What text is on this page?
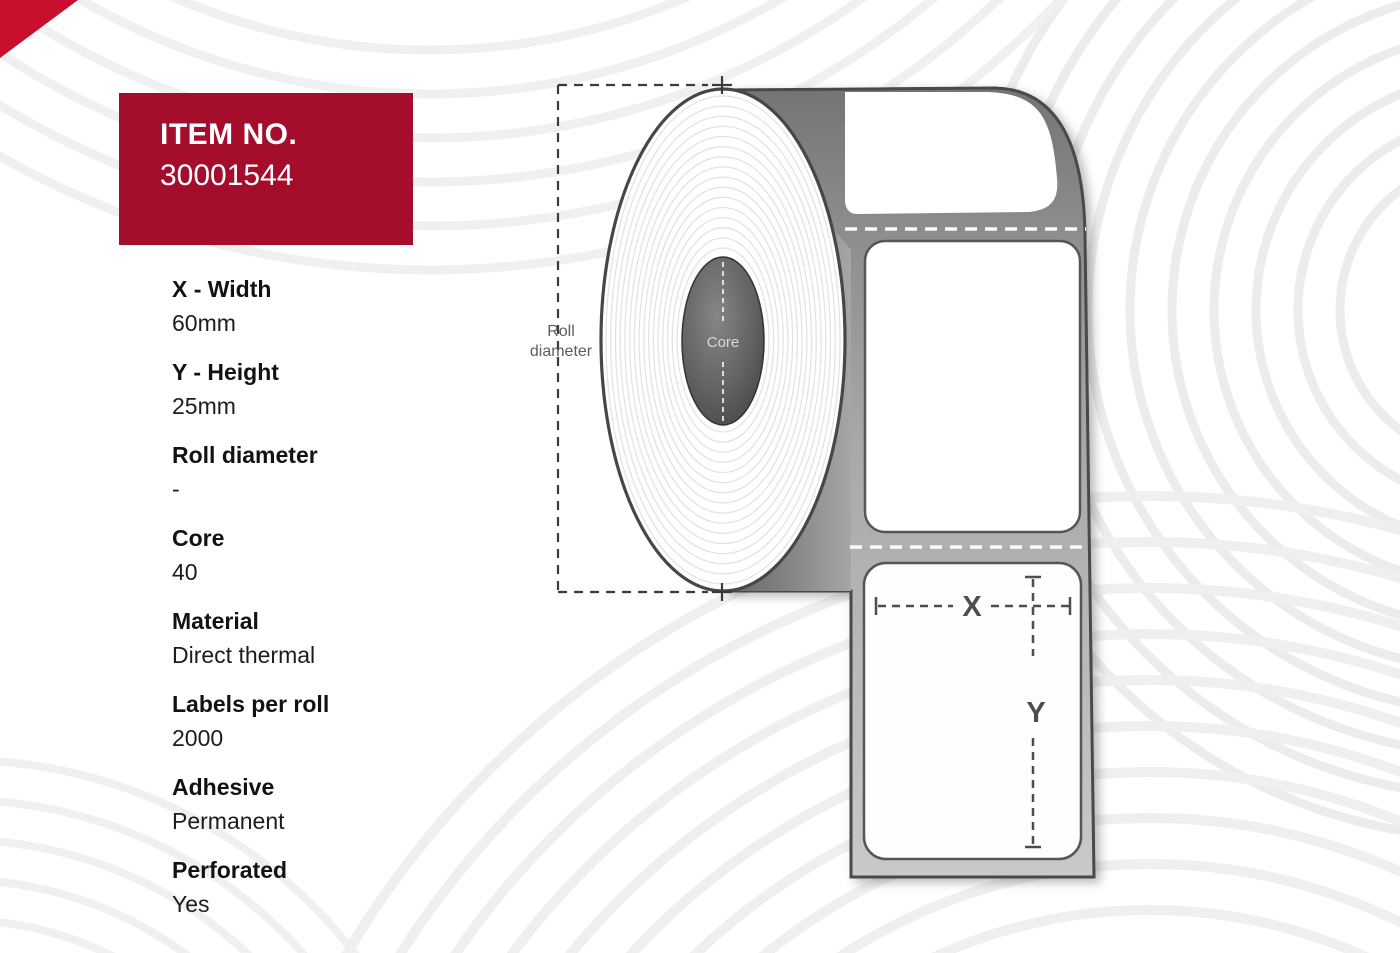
Core
Roll
diameter
X
Y
ITEM NO.
30001544
X - Width
60mm
Y - Height
25mm
Roll diameter
-
Core
40
Material
Direct thermal
Labels per roll
2000
Adhesive
Permanent
Perforated
Yes
